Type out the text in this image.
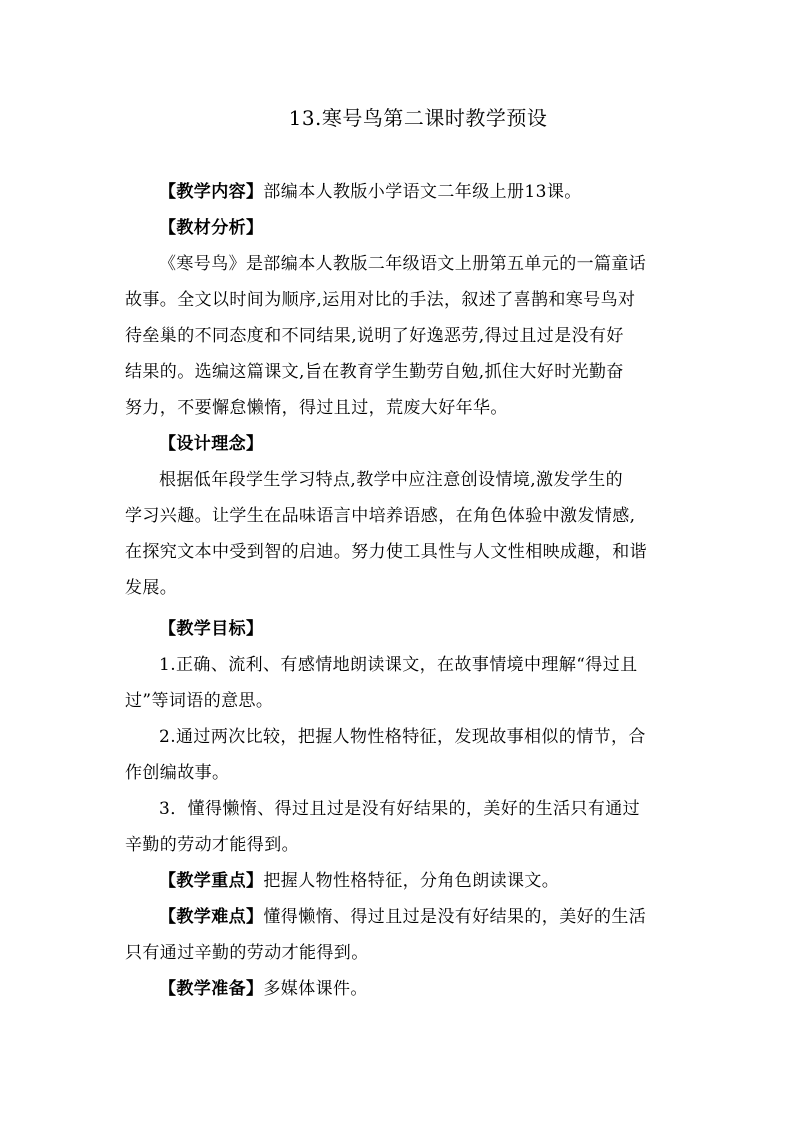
13.寒号鸟第二课时教学预设

【教学内容】部编本人教版小学语文二年级上册13课。

【教材分析】

《寒号鸟》是部编本人教版二年级语文上册第五单元的一篇童话
故事。全文以时间为顺序,运用对比的手法，叙述了喜鹊和寒号鸟对
待垒巢的不同态度和不同结果,说明了好逸恶劳,得过且过是没有好
结果的。选编这篇课文,旨在教育学生勤劳自勉,抓住大好时光勤奋
努力，不要懈怠懒惰，得过且过，荒废大好年华。

【设计理念】

根据低年段学生学习特点,教学中应注意创设情境,激发学生的
学习兴趣。让学生在品味语言中培养语感，在角色体验中激发情感,
在探究文本中受到智的启迪。努力使工具性与人文性相映成趣，和谐
发展。

【教学目标】

1.正确、流利、有感情地朗读课文，在故事情境中理解“得过且
过”等词语的意思。
2.通过两次比较，把握人物性格特征，发现故事相似的情节，合
作创编故事。
3．懂得懒惰、得过且过是没有好结果的，美好的生活只有通过
辛勤的劳动才能得到。

【教学重点】把握人物性格特征，分角色朗读课文。

【教学难点】懂得懒惰、得过且过是没有好结果的，美好的生活
只有通过辛勤的劳动才能得到。

【教学准备】多媒体课件。
